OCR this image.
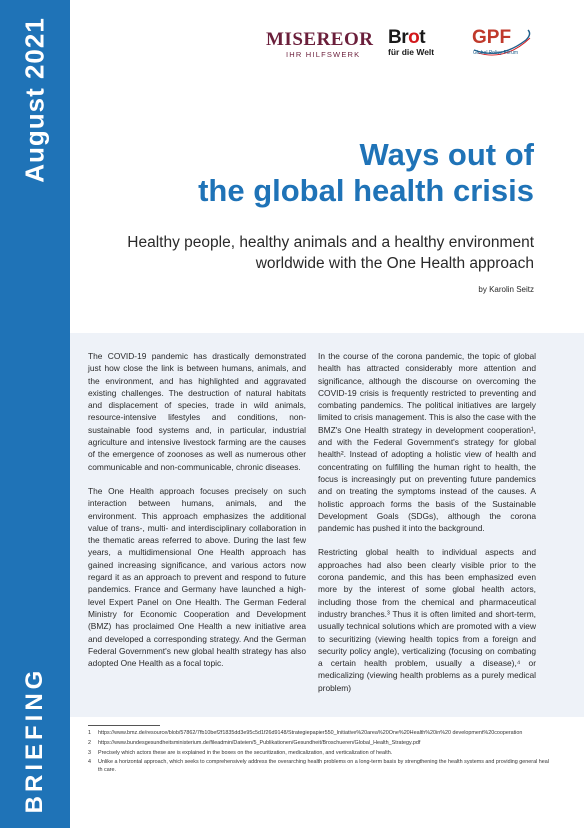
August 2021
BRIEFING
MISEREOR
IHR HILFSWERK
Brot
für die Welt
GPF
Global Policy Forum
Ways out of
the global health crisis
Healthy people, healthy animals and a healthy environment
worldwide with the One Health approach
by Karolin Seitz

The COVID-19 pandemic has drastically demonstrated just how close the link is between humans, animals, and the environment, and has highlighted and aggravated existing challenges. The destruction of natural habitats and displacement of species, trade in wild animals, resource-intensive lifestyles and conditions, non-sustainable food systems and, in particular, industrial agriculture and intensive livestock farming are the causes of the emergence of zoonoses as well as numerous other communicable and non-communicable, chronic diseases.

The One Health approach focuses precisely on such interaction between humans, animals, and the environment. This approach emphasizes the additional value of trans-, multi- and interdisciplinary collaboration in the thematic areas referred to above. During the last few years, a multidimensional One Health approach has gained increasing significance, and various actors now regard it as an approach to prevent and respond to future pandemics. France and Germany have launched a high-level Expert Panel on One Health. The German Federal Ministry for Economic Cooperation and Development (BMZ) has proclaimed One Health a new initiative area and developed a corresponding strategy. And the German Federal Government's new global health strategy has also adopted One Health as a focal topic.

In the course of the corona pandemic, the topic of global health has attracted considerably more attention and significance, although the discourse on overcoming the COVID-19 crisis is frequently restricted to preventing and combating pandemics. The political initiatives are largely limited to crisis management. This is also the case with the BMZ's One Health strategy in development cooperation¹, and with the Federal Government's strategy for global health². Instead of adopting a holistic view of health and concentrating on fulfilling the human right to health, the focus is increasingly put on preventing future pandemics and on treating the symptoms instead of the causes. A holistic approach forms the basis of the Sustainable Development Goals (SDGs), although the corona pandemic has pushed it into the background.

Restricting global health to individual aspects and approaches had also been clearly visible prior to the corona pandemic, and this has been emphasized even more by the interest of some global health actors, including those from the chemical and pharmaceutical industry branches.³ Thus it is often limited and short-term, usually technical solutions which are promoted with a view to securitizing (viewing health topics from a foreign and security policy angle), verticalizing (focusing on combating a certain health problem, usually a disease),⁴ or medicalizing (viewing health problems as a purely medical problem)

1	https://www.bmz.de/resource/blob/57862/7fb10bef2f1835dd3e95c5d1f26d9148/Strategiepapier550_Initiative%20area%20One%20Health%20in%20 development%20cooperation
2	https://www.bundesgesundheitsministerium.de/fileadmin/Dateien/5_Publikationen/Gesundheit/Broschueren/Global_Health_Strategy.pdf
3	Precisely which actors these are is explained in the boxes on the securitization, medicalization, and verticalization of health.
4	Unlike a horizontal approach, which seeks to comprehensively address the overarching health problems on a long-term basis by strengthening the health systems and providing general health care.
